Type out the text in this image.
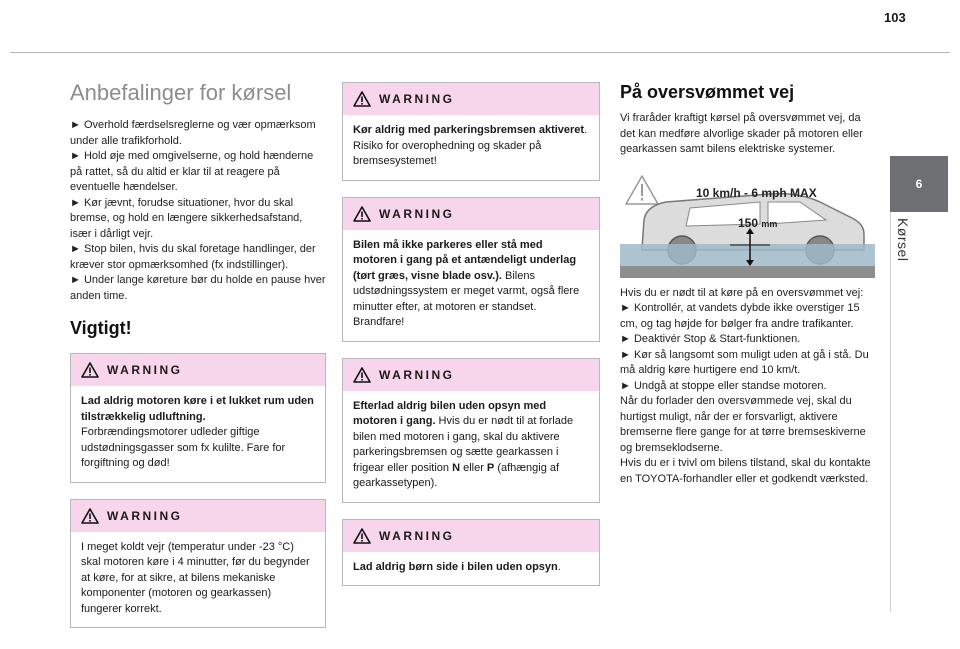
103
6
Kørsel
Anbefalinger for kørsel

► Overhold færdselsreglerne og vær opmærksom under alle trafikforhold.

► Hold øje med omgivelserne, og hold hænderne på rattet, så du altid er klar til at reagere på eventuelle hændelser.

► Kør jævnt, forudse situationer, hvor du skal bremse, og hold en længere sikkerhedsafstand, især i dårligt vejr.

► Stop bilen, hvis du skal foretage handlinger, der kræver stor opmærksomhed (fx indstillinger).

► Under lange køreture bør du holde en pause hver anden time.

Vigtigt!
WARNING
Lad aldrig motoren køre i et lukket rum uden tilstrækkelig udluftning.
Forbrændingsmotorer udleder giftige udstødningsgasser som fx kulilte. Fare for forgiftning og død!
WARNING
I meget koldt vejr (temperatur under -23 °C) skal motoren køre i 4 minutter, før du begynder at køre, for at sikre, at bilens mekaniske komponenter (motoren og gearkassen) fungerer korrekt.
WARNING
Kør aldrig med parkeringsbremsen aktiveret. Risiko for overophedning og skader på bremsesystemet!
WARNING
Bilen må ikke parkeres eller stå med motoren i gang på et antændeligt underlag (tørt græs, visne blade osv.). Bilens udstødningssystem er meget varmt, også flere minutter efter, at motoren er standset. Brandfare!
WARNING
Efterlad aldrig bilen uden opsyn med motoren i gang. Hvis du er nødt til at forlade bilen med motoren i gang, skal du aktivere parkeringsbremsen og sætte gearkassen i frigear eller position N eller P (afhængig af gearkassetypen).
WARNING
Lad aldrig børn side i bilen uden opsyn.
På oversvømmet vej
Vi fraråder kraftigt kørsel på oversvømmet vej, da det kan medføre alvorlige skader på motoren eller gearkassen samt bilens elektriske systemer.
10 km/h - 6 mph MAX
150 mm

Hvis du er nødt til at køre på en oversvømmet vej:

► Kontrollér, at vandets dybde ikke overstiger 15 cm, og tag højde for bølger fra andre trafikanter.

► Deaktivér Stop & Start-funktionen.

► Kør så langsomt som muligt uden at gå i stå. Du må aldrig køre hurtigere end 10 km/t.

► Undgå at stoppe eller standse motoren.

Når du forlader den oversvømmede vej, skal du hurtigst muligt, når der er forsvarligt, aktivere bremserne flere gange for at tørre bremseskiverne og bremseklodserne.

Hvis du er i tvivl om bilens tilstand, skal du kontakte en TOYOTA-forhandler eller et godkendt værksted.
